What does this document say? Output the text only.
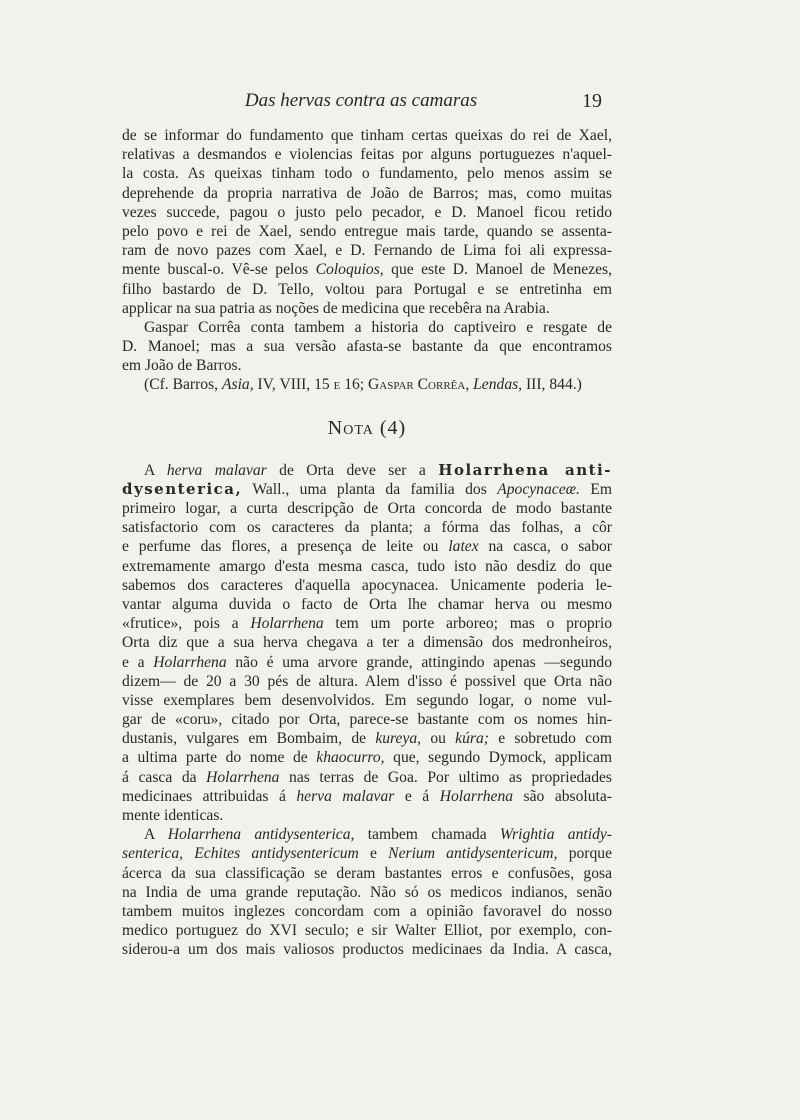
Das hervas contra as camaras	19
de se informar do fundamento que tinham certas queixas do rei de Xael,
relativas a desmandos e violencias feitas por alguns portuguezes n'aquel-
la costa. As queixas tinham todo o fundamento, pelo menos assim se
deprehende da propria narrativa de João de Barros; mas, como muitas
vezes succede, pagou o justo pelo pecador, e D. Manoel ficou retido
pelo povo e rei de Xael, sendo entregue mais tarde, quando se assenta-
ram de novo pazes com Xael, e D. Fernando de Lima foi ali expressa-
mente buscal-o. Vê-se pelos Coloquios, que este D. Manoel de Menezes,
filho bastardo de D. Tello, voltou para Portugal e se entretinha em
applicar na sua patria as noções de medicina que recebêra na Arabia.
Gaspar Corrêa conta tambem a historia do captiveiro e resgate de
D. Manoel; mas a sua versão afasta-se bastante da que encontramos
em João de Barros.
(Cf. Barros, Asia, IV, VIII, 15 e 16; Gaspar Corrêa, Lendas, III, 844.)
Nota (4)
A herva malavar de Orta deve ser a Holarrhena anti-
dysenterica, Wall., uma planta da familia dos Apocynaceæ. Em
primeiro logar, a curta descripção de Orta concorda de modo bastante
satisfactorio com os caracteres da planta; a fórma das folhas, a côr
e perfume das flores, a presença de leite ou latex na casca, o sabor
extremamente amargo d'esta mesma casca, tudo isto não desdiz do que
sabemos dos caracteres d'aquella apocynacea. Unicamente poderia le-
vantar alguma duvida o facto de Orta lhe chamar herva ou mesmo
«frutice», pois a Holarrhena tem um porte arboreo; mas o proprio
Orta diz que a sua herva chegava a ter a dimensão dos medronheiros,
e a Holarrhena não é uma arvore grande, attingindo apenas —segundo
dizem— de 20 a 30 pés de altura. Alem d'isso é possivel que Orta não
visse exemplares bem desenvolvidos. Em segundo logar, o nome vul-
gar de «coru», citado por Orta, parece-se bastante com os nomes hin-
dustanis, vulgares em Bombaim, de kureya, ou kúra; e sobretudo com
a ultima parte do nome de khaocurro, que, segundo Dymock, applicam
á casca da Holarrhena nas terras de Goa. Por ultimo as propriedades
medicinaes attribuidas á herva malavar e á Holarrhena são absoluta-
mente identicas.
A Holarrhena antidysenterica, tambem chamada Wrightia antidy-
senterica, Echites antidysentericum e Nerium antidysentericum, porque
ácerca da sua classificação se deram bastantes erros e confusões, gosa
na India de uma grande reputação. Não só os medicos indianos, senão
tambem muitos inglezes concordam com a opinião favoravel do nosso
medico portuguez do XVI seculo; e sir Walter Elliot, por exemplo, con-
siderou-a um dos mais valiosos productos medicinaes da India. A casca,
